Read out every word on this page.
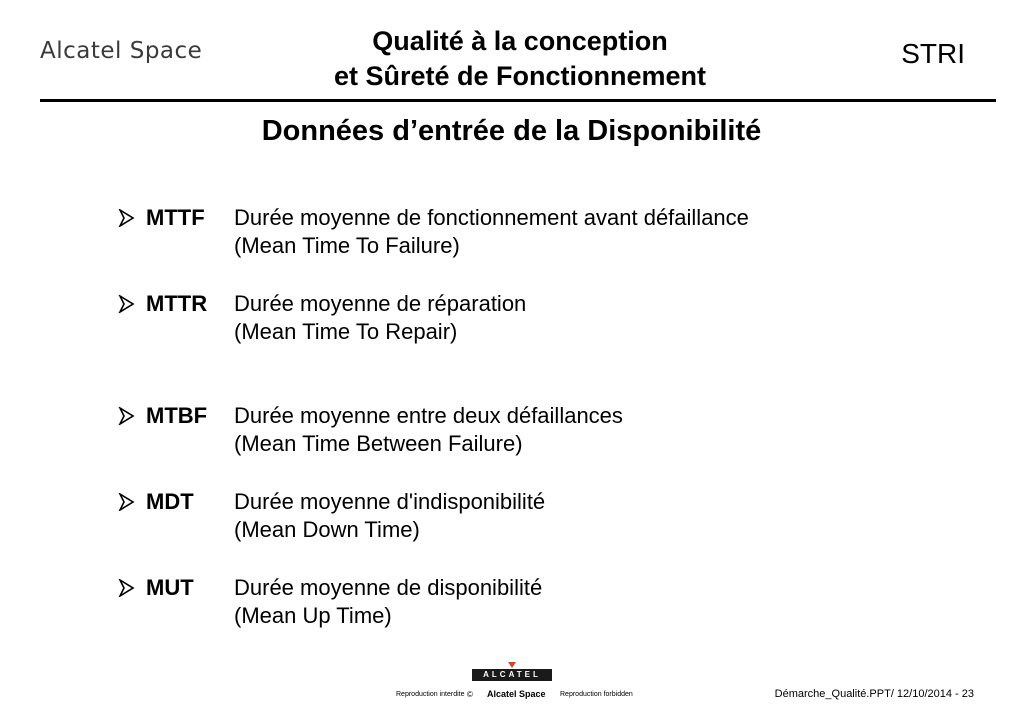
Alcatel Space	Qualité à la conception
et Sûreté de Fonctionnement
STRI
Données d’entrée de la Disponibilité
MTTF Durée moyenne de fonctionnement avant défaillance
(Mean Time To Failure)
MTTR Durée moyenne de réparation
(Mean Time To Repair)
MTBF Durée moyenne entre deux défaillances
(Mean Time Between Failure)
MDT Durée moyenne d'indisponibilité
(Mean Down Time)
MUT Durée moyenne de disponibilité
(Mean Up Time)
ALCATEL
Reproduction interdite © Alcatel Space Reproduction forbidden	Démarche_Qualité.PPT/ 12/10/2014 - 23
